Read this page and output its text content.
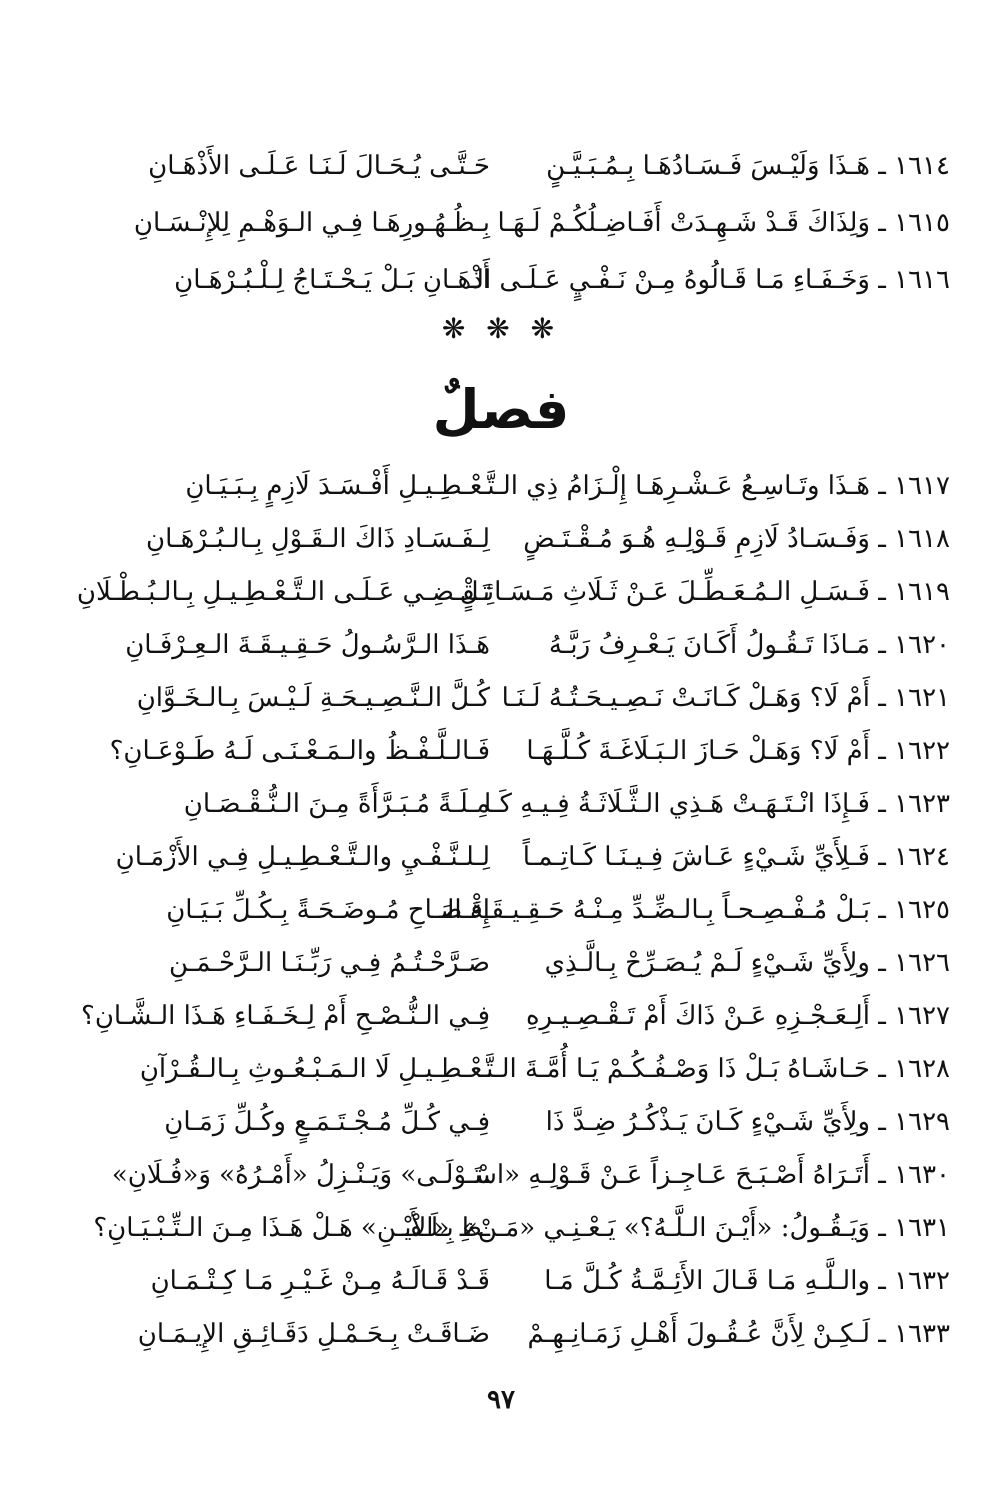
١٦١٤ ـ هَـذَا وَلَيْـسَ فَـسَـادُهَـا بِـمُـبَـيَّـنٍ
حَـتَّـى يُـحَـالَ لَـنَـا عَـلَـى الأَذْهَـانِ
١٦١٥ ـ وَلِذَاكَ قَـدْ شَـهِـدَتْ أَفَـاضِـلُكُـمْ لَـهَـا
بِـظُـهُـورِهَـا فِـي الـوَهْـمِ لِلإِنْـسَـانِ
١٦١٦ ـ وَخَـفَـاءِ مَـا قَـالُوهُ مِـنْ نَـفْـيٍ عَـلَـى الـ
أَذْهَـانِ بَـلْ يَـحْـتَـاجُ لِـلْـبُـرْهَـانِ
❋ ❋ ❋
فصلٌ
١٦١٧ ـ هَـذَا وتَـاسِـعُ عَـشْـرِهَـا إِلْـزَامُ ذِي الـتَّـ
ـعْـطِـيـلِ أَفْـسَـدَ لَازِمٍ بِـبَـيَـانِ
١٦١٨ ـ وَفَـسَـادُ لَازِمِ قَـوْلِـهِ هُـوَ مُـقْـتَـضٍ
لِـفَـسَـادِ ذَاكَ الـقَـوْلِ بِـالـبُـرْهَـانِ
١٦١٩ ـ فَـسَـلِ الـمُـعَـطِّـلَ عَـنْ ثَـلَاثِ مَـسَـائِـلٍ
تَـقْـضِـي عَـلَـى الـتَّـعْـطِـيـلِ بِـالـبُـطْـلَانِ
١٦٢٠ ـ مَـاذَا تَـقُـولُ أَكَـانَ يَـعْـرِفُ رَبَّـهُ
هَـذَا الـرَّسُـولُ حَـقِـيـقَـةَ الـعِـرْفَـانِ
١٦٢١ ـ أَمْ لَا؟ وَهَـلْ كَـانَـتْ نَـصِـيـحَـتُـهُ لَـنَـا
كُـلَّ الـنَّـصِـيـحَـةِ لَـيْـسَ بِـالـخَـوَّانِ
١٦٢٢ ـ أَمْ لَا؟ وَهَـلْ حَـازَ الـبَـلَاغَـةَ كُـلَّـهَـا
فَـالـلَّـفْـظُ والـمَـعْـنَـى لَـهُ طَـوْعَـانِ؟
١٦٢٣ ـ فَـإِذَا انْـتَـهَـتْ هَـذِي الـثَّـلَاثَـةُ فِـيـهِ كَـا
مِـلَـةً مُـبَـرَّأَةً مِـنَ الـنُّـقْـصَـانِ
١٦٢٤ ـ فَـلِأَيِّ شَـيْءٍ عَـاشَ فِـيـنَـا كَـاتِـمـاً
لِـلـنَّـفْـيِ والـتَّـعْـطِـيـلِ فِـي الأَزْمَـانِ
١٦٢٥ ـ بَـلْ مُـفْـصِـحـاً بِـالـضِّـدِّ مِـنْـهُ حَـقِـيـقَـةَ الـ
إِفْـصَـاحِ مُـوضَـحَـةً بِـكُـلِّ بَـيَـانِ
١٦٢٦ ـ ولِأَيِّ شَـيْءٍ لَـمْ يُـصَـرِّحْ بِـالَّـذِي
صَـرَّحْـتُـمُ فِـي رَبِّـنَـا الـرَّحْـمَـنِ
١٦٢٧ ـ أَلِـعَـجْـزِهِ عَـنْ ذَاكَ أَمْ تَـقْـصِـيـرِهِ
فِـي الـنُّـصْـحِ أَمْ لِـخَـفَـاءِ هَـذَا الـشَّـانِ؟
١٦٢٨ ـ حَـاشَـاهُ بَـلْ ذَا وَصْـفُـكُـمْ يَـا أُمَّـةَ الـتَّـ
ـعْـطِـيـلِ لَا الـمَـبْـعُـوثِ بِـالـقُـرْآنِ
١٦٢٩ ـ ولِأَيِّ شَـيْءٍ كَـانَ يَـذْكُـرُ ضِـدَّ ذَا
فِـي كُـلِّ مُـجْـتَـمَـعٍ وكُـلِّ زَمَـانِ
١٦٣٠ ـ أَتَـرَاهُ أَصْـبَـحَ عَـاجِـزاً عَـنْ قَـوْلِـهِ «اسْـ
ـتَـوْلَـى» وَيَـنْـزِلُ «أَمْـرُهُ» وَ«فُـلَانِ»
١٦٣١ ـ وَيَـقُـولُ: «أَيْـنَ الـلَّـهُ؟» يَـعْـنِـي «مَـنْ» بِـلَـفْـ
ـظِ «الأَيْـنِ» هَـلْ هَـذَا مِـنَ الـتِّـبْـيَـانِ؟
١٦٣٢ ـ والـلَّـهِ مَـا قَـالَ الأَئِـمَّـةُ كُـلَّ مَـا
قَـدْ قَـالَـهُ مِـنْ غَـيْـرِ مَـا كِـتْـمَـانِ
١٦٣٣ ـ لَـكِـنْ لِأَنَّ عُـقُـولَ أَهْـلِ زَمَـانِـهِـمْ
ضَـاقَـتْ بِـحَـمْـلِ دَقَـائِـقِ الإِيـمَـانِ
٩٧
